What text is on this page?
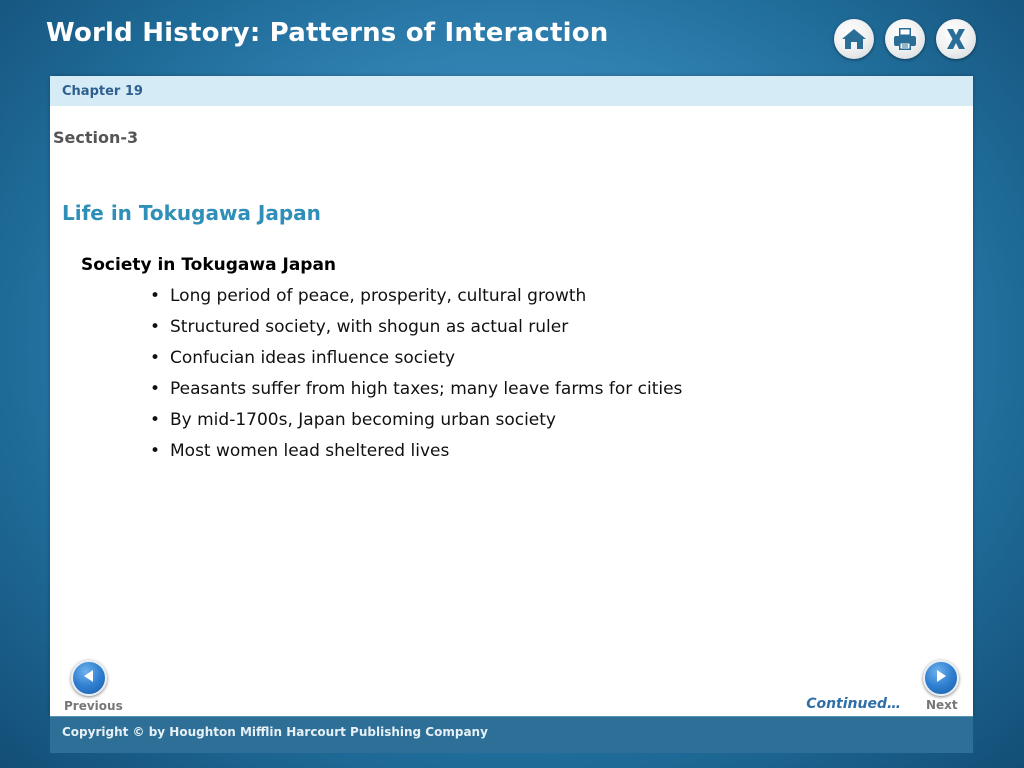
World History: Patterns of Interaction
Chapter 19
Section-3
Life in Tokugawa Japan
Society in Tokugawa Japan
• Long period of peace, prosperity, cultural growth
• Structured society, with shogun as actual ruler
• Confucian ideas influence society
• Peasants suffer from high taxes; many leave farms for cities
• By mid-1700s, Japan becoming urban society
• Most women lead sheltered lives
Previous	Continued… Next
Copyright © by Houghton Mifflin Harcourt Publishing Company
